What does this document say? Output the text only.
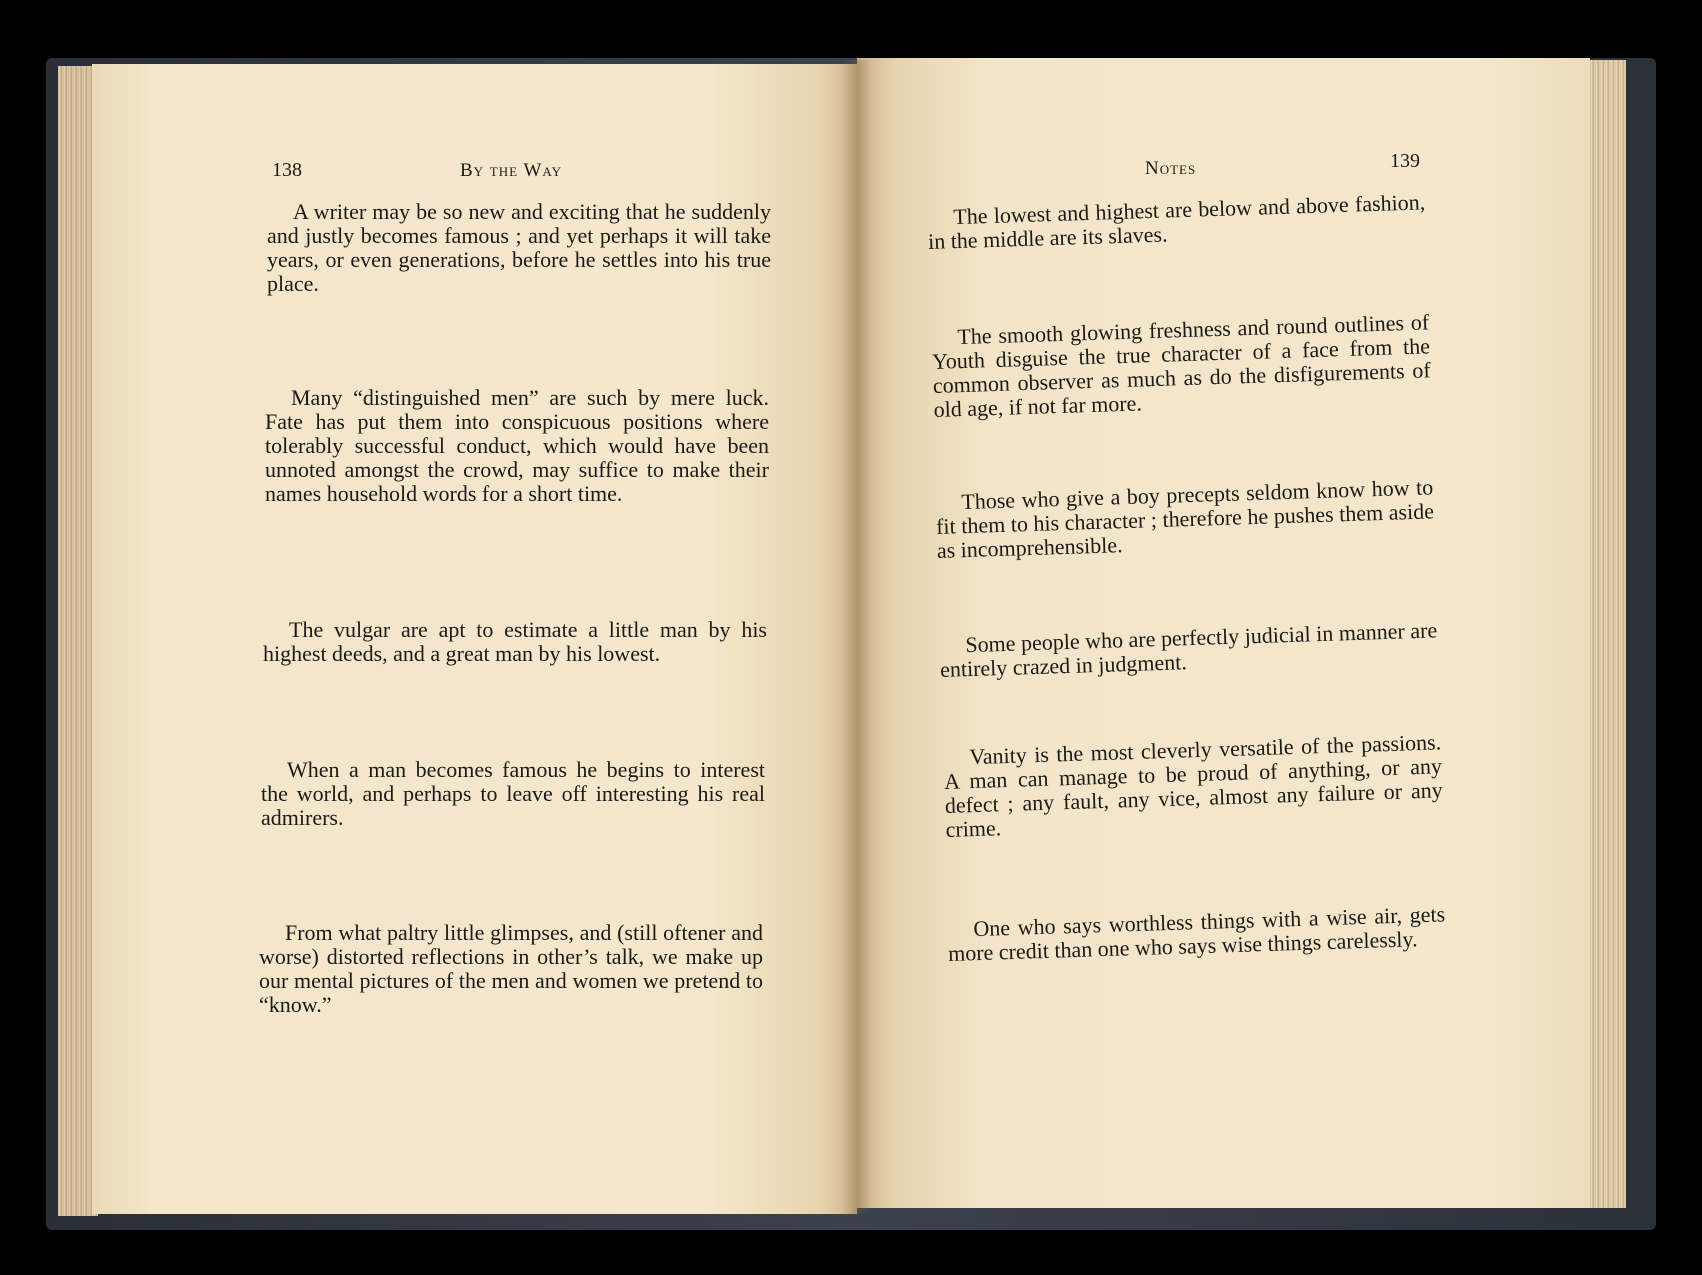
138	By the Way

A writer may be so new and exciting that he suddenly and justly becomes famous ; and yet perhaps it will take years, or even generations, before he settles into his true place.

Many “distinguished men” are such by mere luck. Fate has put them into conspicuous positions where tolerably successful conduct, which would have been unnoted amongst the crowd, may suffice to make their names household words for a short time.

The vulgar are apt to estimate a little man by his highest deeds, and a great man by his lowest.

When a man becomes famous he begins to interest the world, and perhaps to leave off interesting his real admirers.

From what paltry little glimpses, and (still oftener and worse) distorted reflections in other’s talk, we make up our mental pictures of the men and women we pretend to “know.”

Notes	139

The lowest and highest are below and above fashion, in the middle are its slaves.

The smooth glowing freshness and round outlines of Youth disguise the true character of a face from the common observer as much as do the disfigurements of old age, if not far more.

Those who give a boy precepts seldom know how to fit them to his character ; therefore he pushes them aside as incomprehensible.

Some people who are perfectly judicial in manner are entirely crazed in judgment.

Vanity is the most cleverly versatile of the passions. A man can manage to be proud of anything, or any defect ; any fault, any vice, almost any failure or any crime.

One who says worthless things with a wise air, gets more credit than one who says wise things carelessly.
